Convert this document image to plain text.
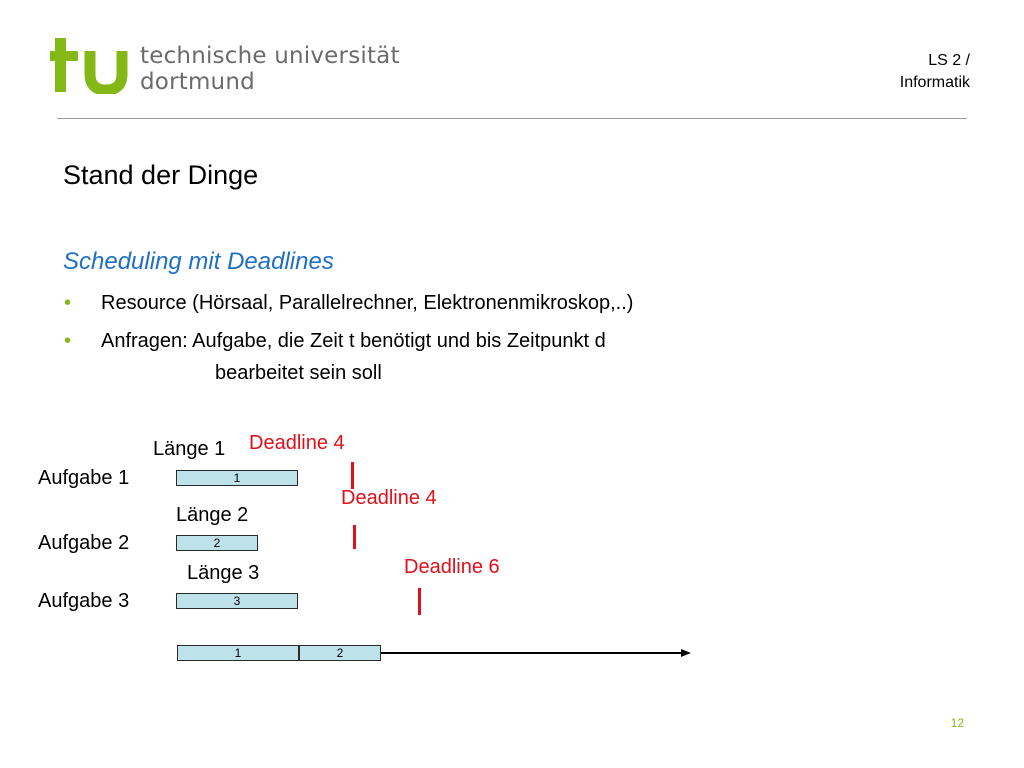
technische universität
dortmund
LS 2 /
Informatik
Stand der Dinge
Scheduling mit Deadlines
• Resource (Hörsaal, Parallelrechner, Elektronenmikroskop,..)
• Anfragen: Aufgabe, die Zeit t benötigt und bis Zeitpunkt d
bearbeitet sein soll
Länge 1 Deadline 4
Aufgabe 1	1
Deadline 4
Länge 2
Aufgabe 2	2
Deadline 6
Länge 3
Aufgabe 3	3
1	2
12
